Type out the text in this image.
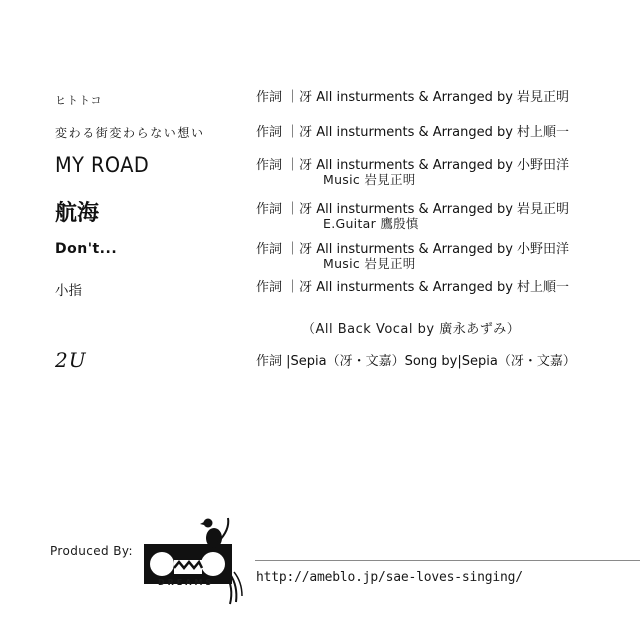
ヒトトコ	作詞 ｜冴 All insturments & Arranged by 岩見正明
変わる街変わらない想い	作詞 ｜冴 All insturments & Arranged by 村上順一
MY ROAD	作詞 ｜冴 All insturments & Arranged by 小野田洋
Music 岩見正明
航海	作詞 ｜冴 All insturments & Arranged by 岩見正明
E.Guitar 鷹殷慎
Don't...	作詞 ｜冴 All insturments & Arranged by 小野田洋
Music 岩見正明
小指	作詞 ｜冴 All insturments & Arranged by 村上順一
（All Back Vocal by 廣永あずみ）
2U	作詞 |Sepia（冴・文嘉）Song by|Sepia（冴・文嘉）
Produced By:
DREAMS	http://ameblo.jp/sae-loves-singing/
